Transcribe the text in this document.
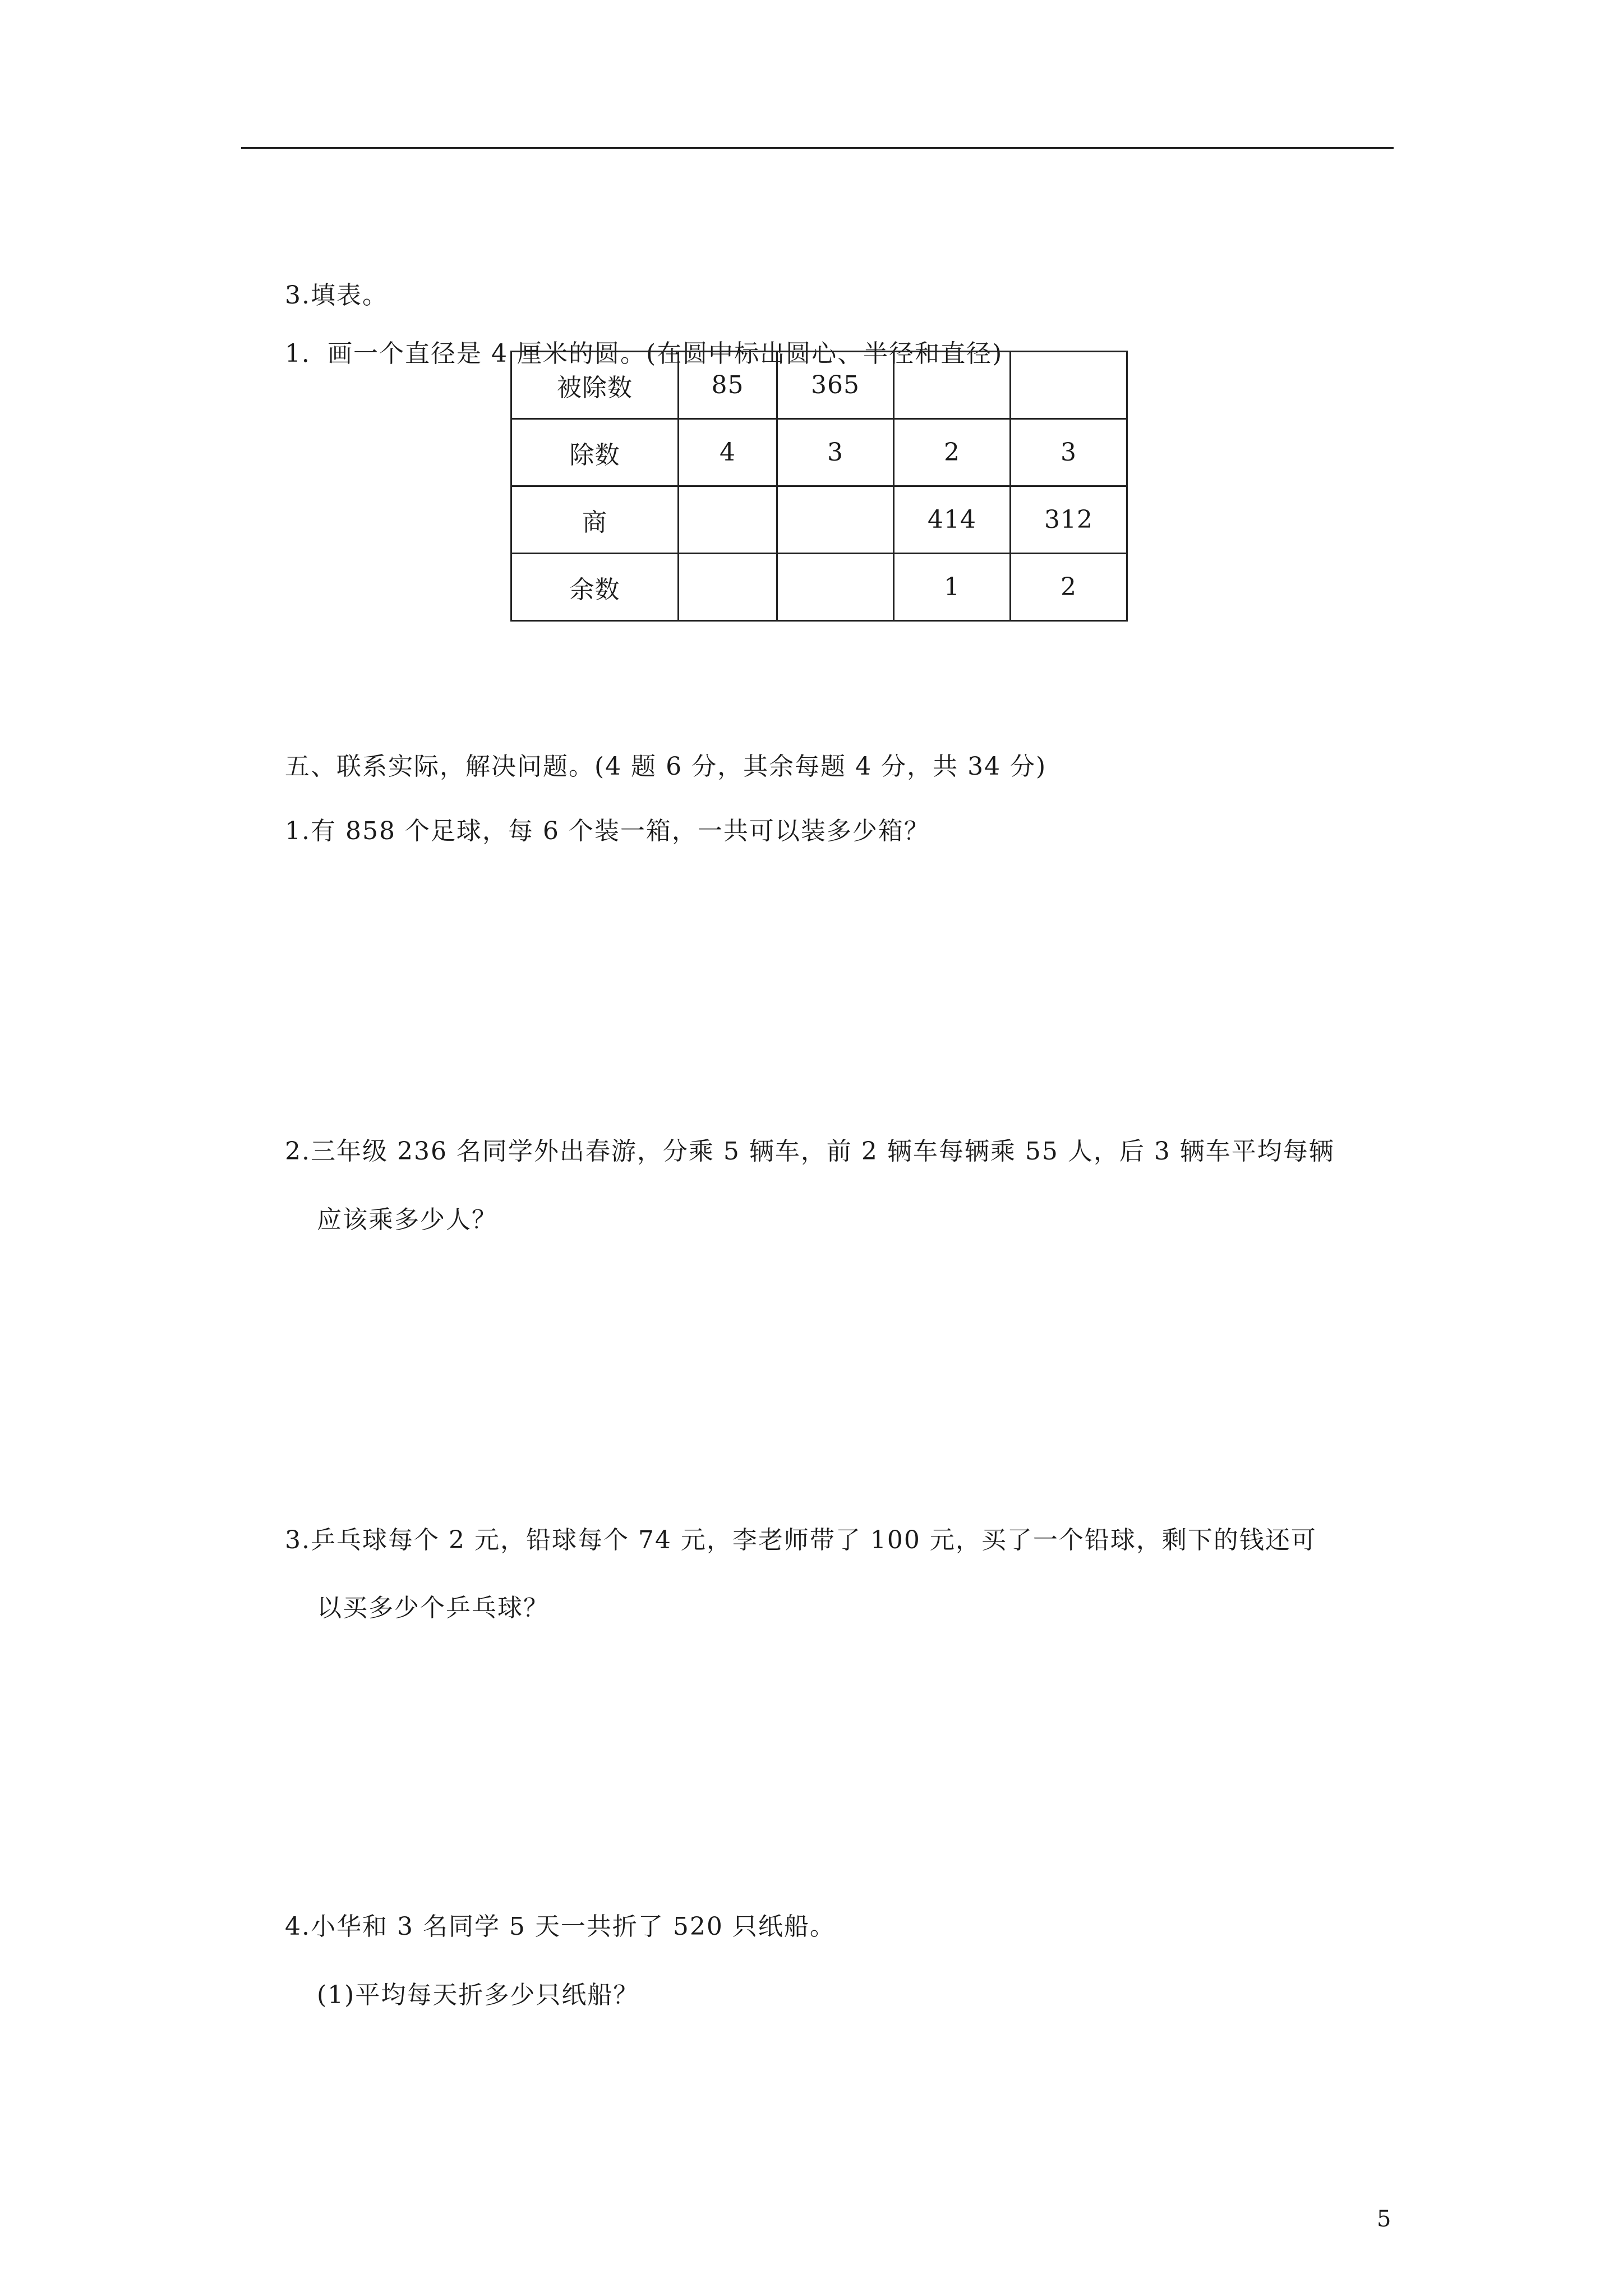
3.填表。
1．画一个直径是 4 厘米的圆。(在圆中标出圆心、半径和直径)
被除数	85	365		
除数	4	3	2	3
商			414	312
余数			1	2
五、联系实际，解决问题。(4 题 6 分，其余每题 4 分，共 34 分)
1.有 858 个足球，每 6 个装一箱，一共可以装多少箱？
2.三年级 236 名同学外出春游，分乘 5 辆车，前 2 辆车每辆乘 55 人，后 3 辆车平均每辆
应该乘多少人？
3.乒乓球每个 2 元，铅球每个 74 元，李老师带了 100 元，买了一个铅球，剩下的钱还可
以买多少个乒乓球？
4.小华和 3 名同学 5 天一共折了 520 只纸船。
(1)平均每天折多少只纸船？
5
